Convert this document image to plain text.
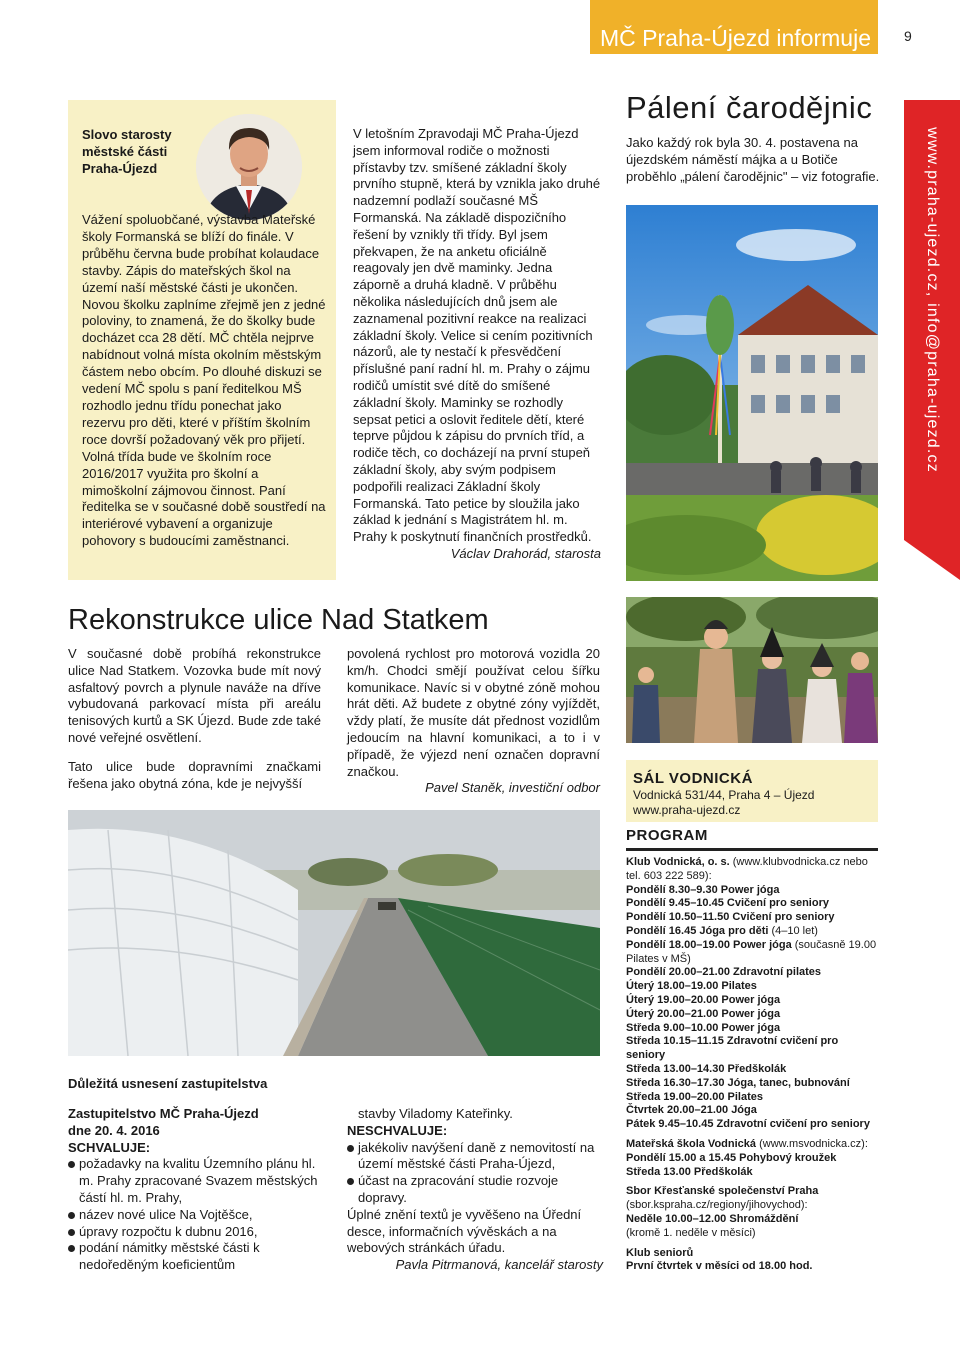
MČ Praha-Újezd informuje	9
Slovo starosty městské části Praha-Újezd
Vážení spoluobčané, výstavba Mateřské školy Formanská se blíží do finále. V průběhu června bude probíhat kolaudace stavby. Zápis do mateřských škol na území naší městské části je ukončen. Novou školku zaplníme zřejmě jen z jedné poloviny, to znamená, že do školky bude docházet cca 28 dětí. MČ chtěla nejprve nabídnout volná místa okolním městským částem nebo obcím. Po dlouhé diskuzi se vedení MČ spolu s paní ředitelkou MŠ rozhodlo jednu třídu ponechat jako rezervu pro děti, které v příštím školním roce dovrší požadovaný věk pro přijetí. Volná třída bude ve školním roce 2016/2017 využita pro školní a mimoškolní zájmovou činnost. Paní ředitelka se v současné době soustředí na interiérové vybavení a organizuje pohovory s budoucími zaměstnanci.
V letošním Zpravodaji MČ Praha-Újezd jsem informoval rodiče o možnosti přístavby tzv. smíšené základní školy prvního stupně, která by vznikla jako druhé nadzemní podlaží současné MŠ Formanská. Na základě dispozičního řešení by vznikly tři třídy. Byl jsem překvapen, že na anketu oficiálně reagovaly jen dvě maminky. Jedna záporně a druhá kladně. V průběhu několika následujících dnů jsem ale zaznamenal pozitivní reakce na realizaci základní školy. Velice si cením pozitivních názorů, ale ty nestačí k přesvědčení příslušné paní radní hl. m. Prahy o zájmu rodičů umístit své dítě do smíšené základní školy. Maminky se rozhodly sepsat petici a oslovit ředitele dětí, které teprve půjdou k zápisu do prvních tříd, a rodiče těch, co docházejí na první stupeň základní školy, aby svým podpisem podpořili realizaci Základní školy Formanská. Tato petice by sloužila jako základ k jednání s Magistrátem hl. m. Prahy k poskytnutí finančních prostředků.
Václav Drahorád, starosta
Pálení čarodějnic
Jako každý rok byla 30. 4. postavena na újezdském náměstí májka a u Botiče proběhlo „pálení čarodějnic" – viz fotografie.	www.praha-ujezd.cz, info@praha-ujezd.cz
Rekonstrukce ulice Nad Statkem
V současné době probíhá rekonstrukce ulice Nad Statkem. Vozovka bude mít nový asfaltový povrch a plynule naváže na dříve vybudovaná parkovací místa při areálu tenisových kurtů a SK Újezd. Bude zde také nové veřejné osvětlení.
Tato ulice bude dopravními značkami řešena jako obytná zóna, kde je nejvyšší
povolená rychlost pro motorová vozidla 20 km/h. Chodci smějí používat celou šířku komunikace. Navíc si v obytné zóně mohou hrát děti. Až budete z obytné zóny vyjíždět, vždy platí, že musíte dát přednost vozidlům jedoucím na hlavní komunikaci, a to i v případě, že výjezd není označen dopravní značkou.
Pavel Staněk, investiční odbor
Důležitá usnesení zastupitelstva
Zastupitelstvo MČ Praha-Újezd
dne 20. 4. 2016
SCHVALUJE:
požadavky na kvalitu Územního plánu hl. m. Prahy zpracované Svazem městských částí hl. m. Prahy,
název nové ulice Na Vojtěšce,
úpravy rozpočtu k dubnu 2016,
podání námitky městské části k nedoředěným koeficientům
stavby Viladomy Kateřinky.
NESCHVALUJE:
jakékoliv navýšení daně z nemovitostí na území městské části Praha-Újezd,
účast na zpracování studie rozvoje dopravy.
Úplné znění textů je vyvěšeno na Úřední desce, informačních vývěskách a na webových stránkách úřadu.
Pavla Pitrmanová, kancelář starosty
SÁL VODNICKÁ
Vodnická 531/44, Praha 4 – Újezd
www.praha-ujezd.cz
PROGRAM
Klub Vodnická, o. s. (www.klubvodnicka.cz nebo tel. 603 222 589):
Pondělí 8.30–9.30 Power jóga
Pondělí 9.45–10.45 Cvičení pro seniory
Pondělí 10.50–11.50 Cvičení pro seniory
Pondělí 16.45 Jóga pro děti (4–10 let)
Pondělí 18.00–19.00 Power jóga (současně 19.00 Pilates v MŠ)
Pondělí 20.00–21.00 Zdravotní pilates
Úterý 18.00–19.00 Pilates
Úterý 19.00–20.00 Power jóga
Úterý 20.00–21.00 Power jóga
Středa 9.00–10.00 Power jóga
Středa 10.15–11.15 Zdravotní cvičení pro seniory
Středa 13.00–14.30 Předškolák
Středa 16.30–17.30 Jóga, tanec, bubnování
Středa 19.00–20.00 Pilates
Čtvrtek 20.00–21.00 Jóga
Pátek 9.45–10.45 Zdravotní cvičení pro seniory
Mateřská škola Vodnická (www.msvodnicka.cz):
Pondělí 15.00 a 15.45 Pohybový kroužek
Středa 13.00 Předškolák
Sbor Křesťanské společenství Praha
(sbor.kspraha.cz/regiony/jihovychod):
Neděle 10.00–12.00 Shromáždění
(kromě 1. neděle v měsíci)
Klub seniorů
První čtvrtek v měsíci od 18.00 hod.
